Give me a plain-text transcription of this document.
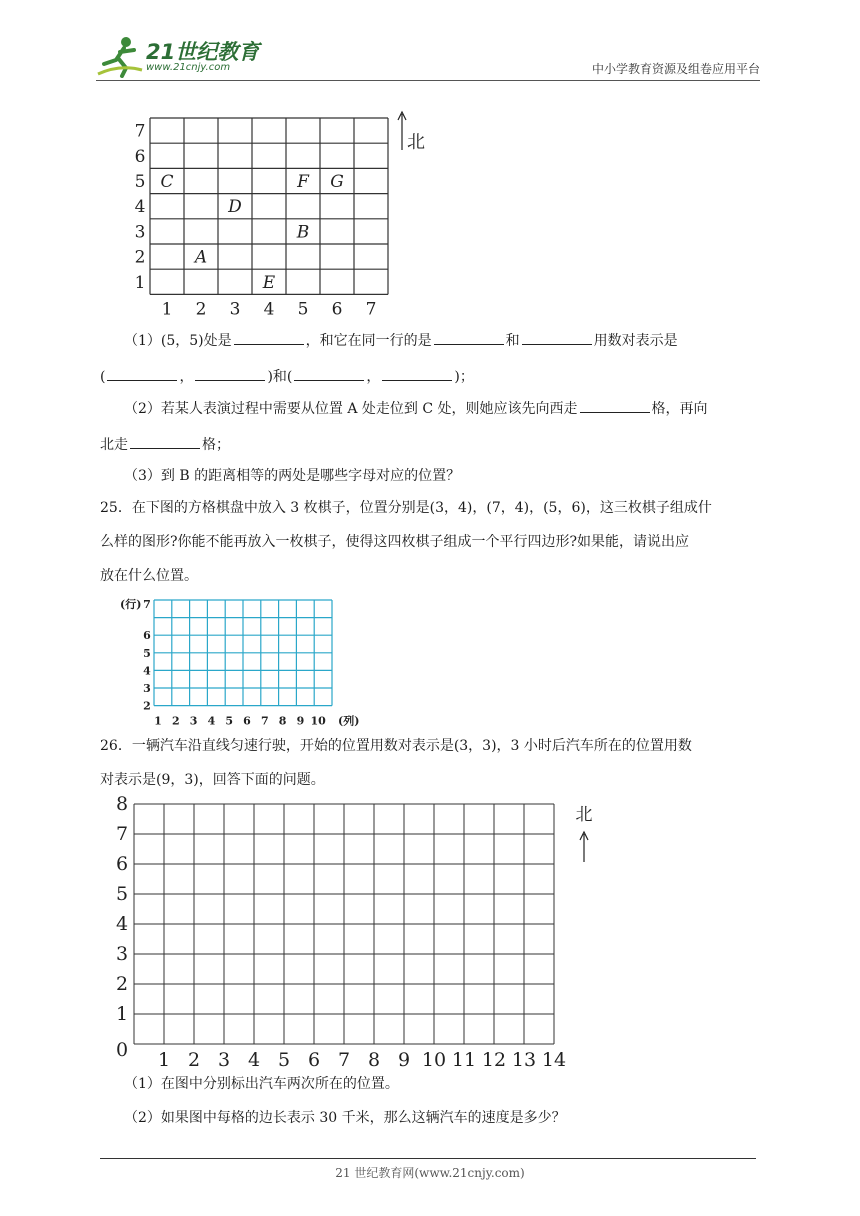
21世纪教育
www.21cnjy.com	中小学教育资源及组卷应用平台
1
2
3
4
5
6
7
1 2 3 4 5 6 7
A
B
C
D
E
F G
北
（1）(5，5)处是	，和它在同一行的是	和	用数对表示是
(	，	)和(	，	)；
（2）若某人表演过程中需要从位置 A 处走位到 C 处，则她应该先向西走	格，再向
北走	格；
（3）到 B 的距离相等的两处是哪些字母对应的位置？
25．在下图的方格棋盘中放入 3 枚棋子，位置分别是(3，4)，(7，4)，(5，6)，这三枚棋子组成什
么样的图形?你能不能再放入一枚棋子，使得这四枚棋子组成一个平行四边形?如果能，请说出应
放在什么位置。
(行)
2
3
4
5
6
7
1 2 3 4 5 6 7 8 9 10 (列)
26．一辆汽车沿直线匀速行驶，开始的位置用数对表示是(3，3)，3 小时后汽车所在的位置用数
对表示是(9，3)，回答下面的问题。
0
1
2
3
4
5
6
7
8
1 2 3 4 5 6 7 8 9 10 11 12 13 14
北
（1）在图中分别标出汽车两次所在的位置。
（2）如果图中每格的边长表示 30 千米，那么这辆汽车的速度是多少？
21 世纪教育网(www.21cnjy.com)
